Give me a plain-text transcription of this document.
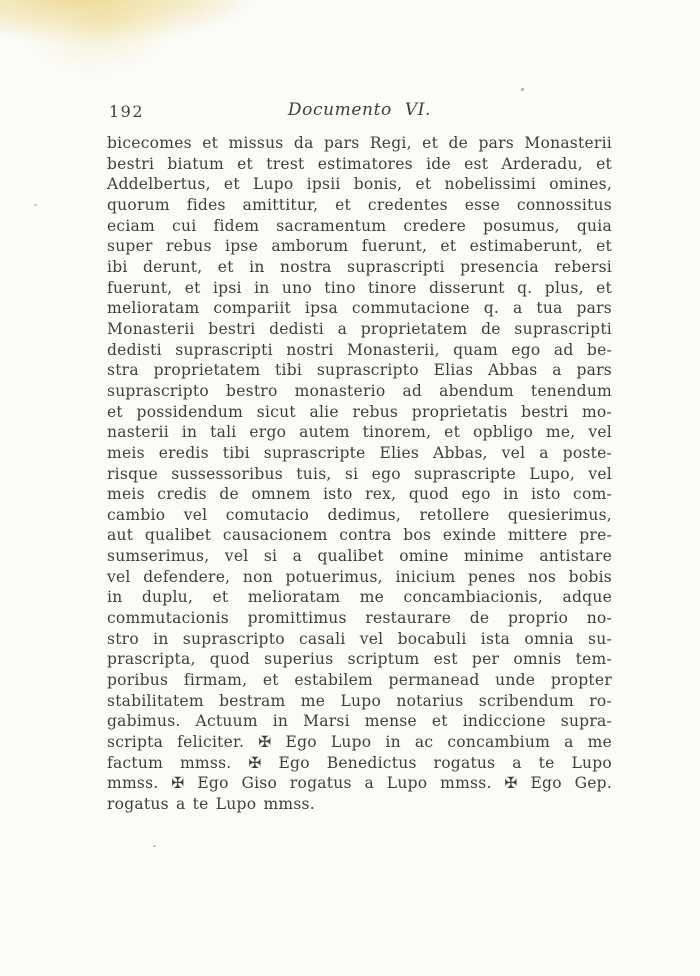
192	Documento VI.
bicecomes et missus da pars Regi, et de pars Monasterii
bestri biatum et trest estimatores ide est Arderadu, et
Addelbertus, et Lupo ipsii bonis, et nobelissimi omines,
quorum fides amittitur, et credentes esse connossitus
eciam cui fidem sacramentum credere posumus, quia
super rebus ipse amborum fuerunt, et estimaberunt, et
ibi derunt, et in nostra suprascripti presencia rebersi
fuerunt, et ipsi in uno tino tinore disserunt q. plus, et
melioratam compariit ipsa commutacione q. a tua pars
Monasterii bestri dedisti a proprietatem de suprascripti
dedisti suprascripti nostri Monasterii, quam ego ad be-
stra proprietatem tibi suprascripto Elias Abbas a pars
suprascripto bestro monasterio ad abendum tenendum
et possidendum sicut alie rebus proprietatis bestri mo-
nasterii in tali ergo autem tinorem, et opbligo me, vel
meis eredis tibi suprascripte Elies Abbas, vel a poste-
risque sussessoribus tuis, si ego suprascripte Lupo, vel
meis credis de omnem isto rex, quod ego in isto com-
cambio vel comutacio dedimus, retollere quesierimus,
aut qualibet causacionem contra bos exinde mittere pre-
sumserimus, vel si a qualibet omine minime antistare
vel defendere, non potuerimus, inicium penes nos bobis
in duplu, et melioratam me concambiacionis, adque
commutacionis promittimus restaurare de proprio no-
stro in suprascripto casali vel bocabuli ista omnia su-
prascripta, quod superius scriptum est per omnis tem-
poribus firmam, et estabilem permanead unde propter
stabilitatem bestram me Lupo notarius scribendum ro-
gabimus. Actuum in Marsi mense et indiccione supra-
scripta feliciter. ✠ Ego Lupo in ac concambium a me
factum mmss. ✠ Ego Benedictus rogatus a te Lupo
mmss. ✠ Ego Giso rogatus a Lupo mmss. ✠ Ego Gep.
rogatus a te Lupo mmss.
